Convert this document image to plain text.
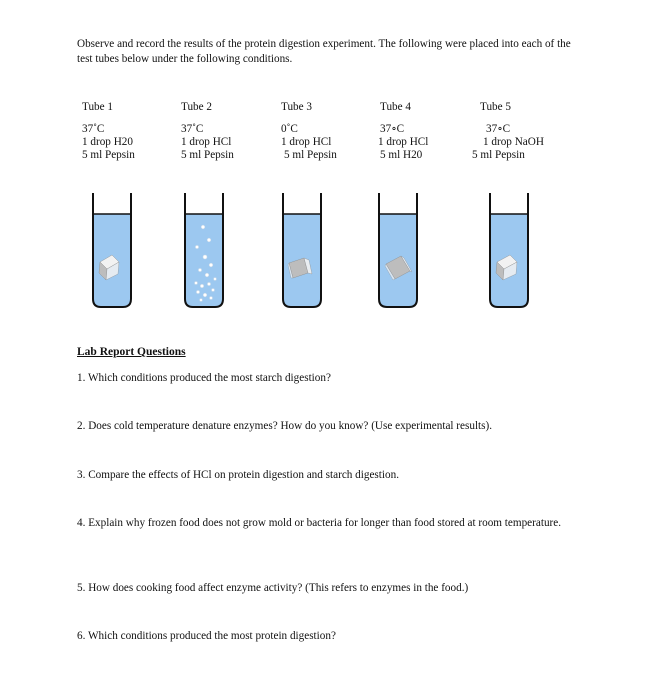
Observe and record the results of the protein digestion experiment. The following were placed into each of the test tubes below under the following conditions.

Tube 1
37˚C
1 drop H20
5 ml Pepsin
Tube 2
37˚C
1 drop HCl
5 ml Pepsin
Tube 3
0˚C
1 drop HCl
5 ml Pepsin
Tube 4
37∘C
1 drop HCl
5 ml H20
Tube 5
37∘C
1 drop NaOH
5 ml Pepsin
Lab Report Questions

1. Which conditions produced the most starch digestion?

2. Does cold temperature denature enzymes? How do you know? (Use experimental results).

3. Compare the effects of HCl on protein digestion and starch digestion.

4. Explain why frozen food does not grow mold or bacteria for longer than food stored at room temperature.

5. How does cooking food affect enzyme activity? (This refers to enzymes in the food.)

6. Which conditions produced the most protein digestion?
